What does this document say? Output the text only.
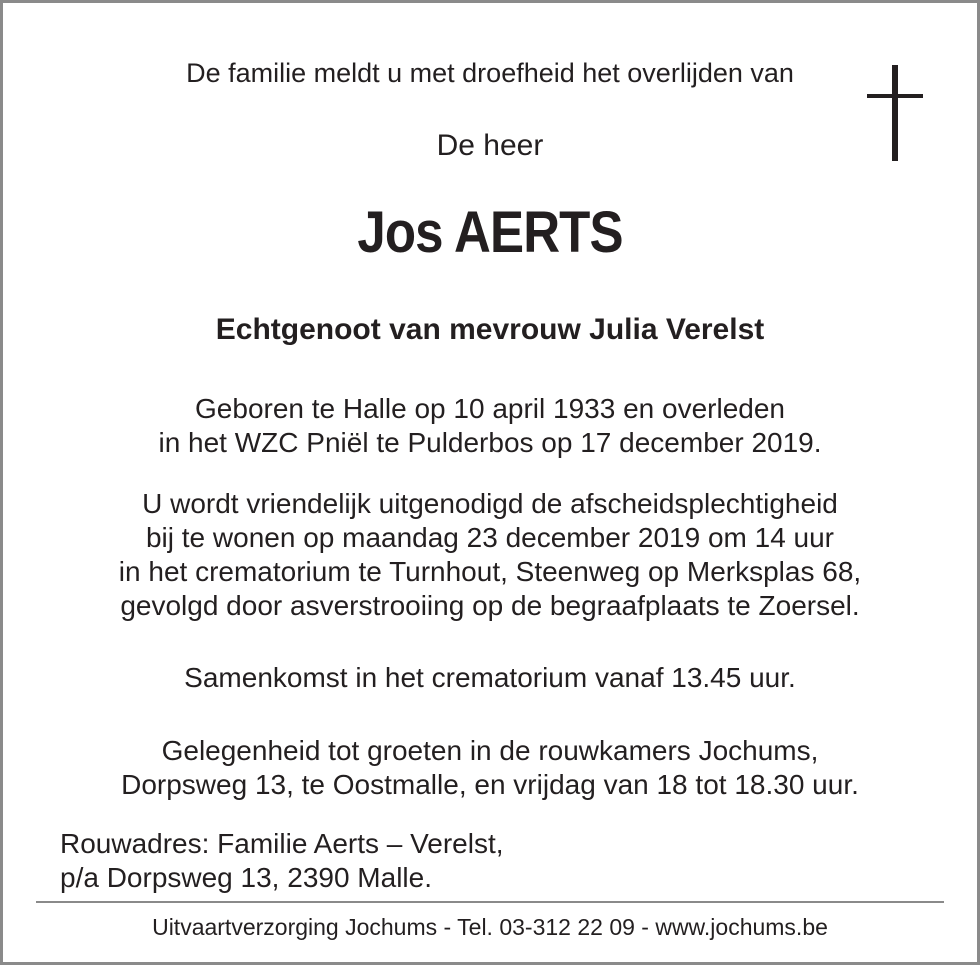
De familie meldt u met droefheid het overlijden van
De heer
Jos AERTS
Echtgenoot van mevrouw Julia Verelst
Geboren te Halle op 10 april 1933 en overleden
in het WZC Pniël te Pulderbos op 17 december 2019.
U wordt vriendelijk uitgenodigd de afscheidsplechtigheid
bij te wonen op maandag 23 december 2019 om 14 uur
in het crematorium te Turnhout, Steenweg op Merksplas 68,
gevolgd door asverstrooiing op de begraafplaats te Zoersel.
Samenkomst in het crematorium vanaf 13.45 uur.
Gelegenheid tot groeten in de rouwkamers Jochums,
Dorpsweg 13, te Oostmalle, en vrijdag van 18 tot 18.30 uur.
Rouwadres: Familie Aerts – Verelst,
p/a Dorpsweg 13, 2390 Malle.
Uitvaartverzorging Jochums - Tel. 03-312 22 09 - www.jochums.be
